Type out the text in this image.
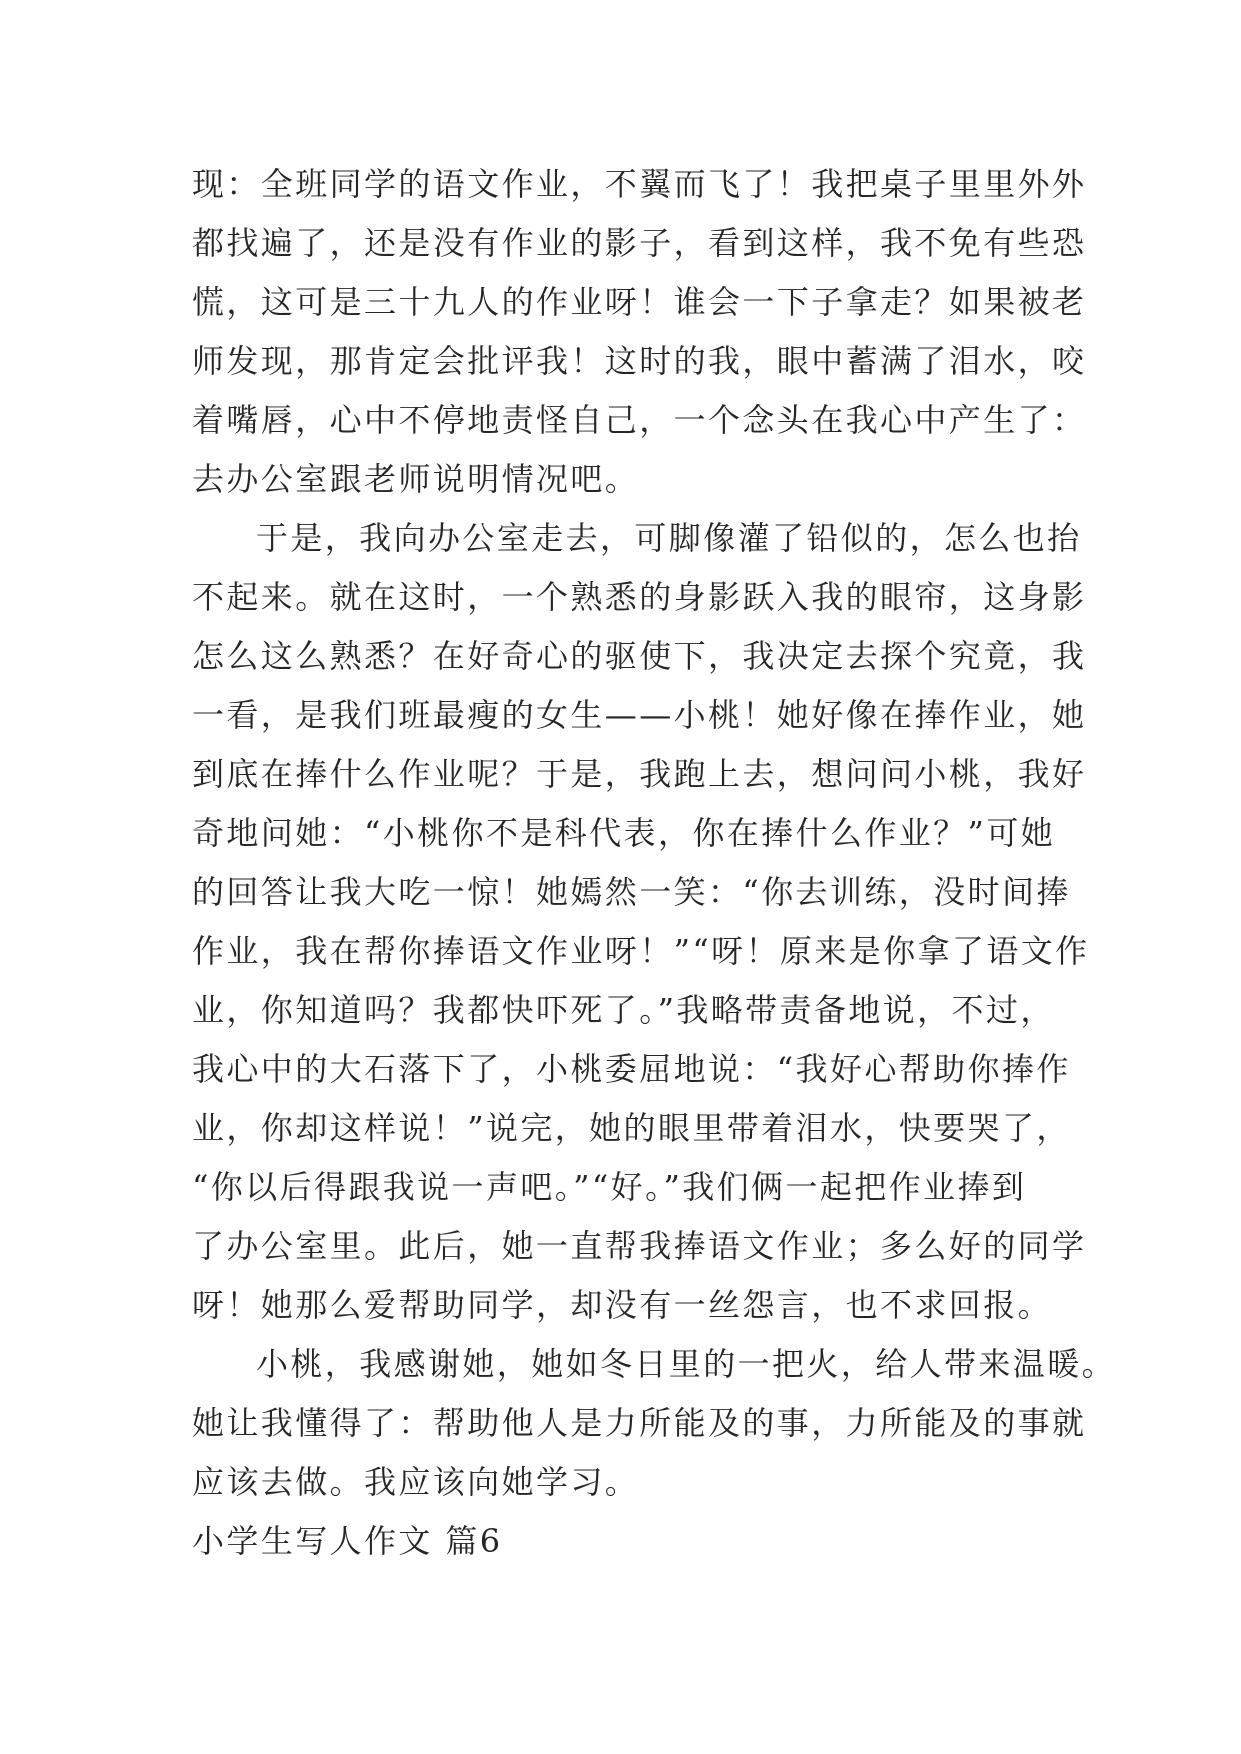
现：全班同学的语文作业，不翼而飞了！我把桌子里里外外
都找遍了，还是没有作业的影子，看到这样，我不免有些恐
慌，这可是三十九人的作业呀！谁会一下子拿走？如果被老
师发现，那肯定会批评我！这时的我，眼中蓄满了泪水，咬
着嘴唇，心中不停地责怪自己，一个念头在我心中产生了：
去办公室跟老师说明情况吧。
于是，我向办公室走去，可脚像灌了铅似的，怎么也抬
不起来。就在这时，一个熟悉的身影跃入我的眼帘，这身影
怎么这么熟悉？在好奇心的驱使下，我决定去探个究竟，我
一看，是我们班最瘦的女生——小桃！她好像在捧作业，她
到底在捧什么作业呢？于是，我跑上去，想问问小桃，我好
奇地问她：“小桃你不是科代表，你在捧什么作业？”可她
的回答让我大吃一惊！她嫣然一笑：“你去训练，没时间捧
作业，我在帮你捧语文作业呀！”“呀！原来是你拿了语文作
业，你知道吗？我都快吓死了。”我略带责备地说，不过，
我心中的大石落下了，小桃委屈地说：“我好心帮助你捧作
业，你却这样说！”说完，她的眼里带着泪水，快要哭了，
“你以后得跟我说一声吧。”“好。”我们俩一起把作业捧到
了办公室里。此后，她一直帮我捧语文作业；多么好的同学
呀！她那么爱帮助同学，却没有一丝怨言，也不求回报。
小桃，我感谢她，她如冬日里的一把火，给人带来温暖。
她让我懂得了：帮助他人是力所能及的事，力所能及的事就
应该去做。我应该向她学习。
小学生写人作文 篇6
